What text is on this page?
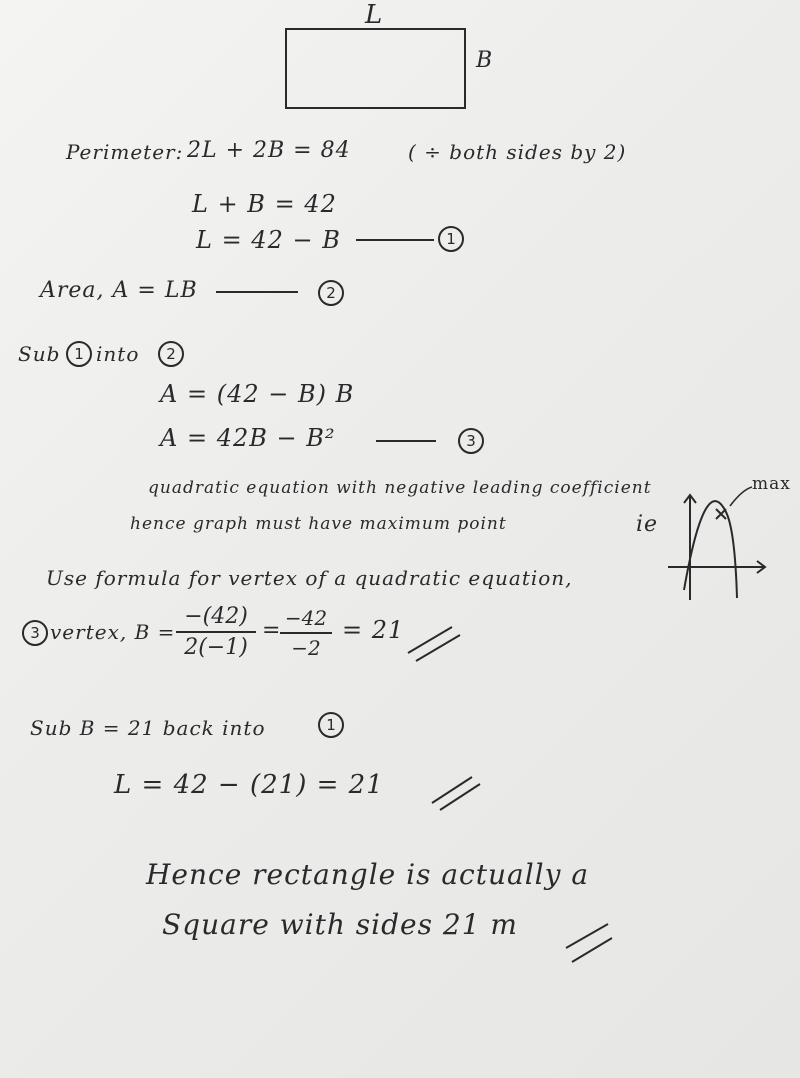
L
B
Perimeter: 2L + 2B = 84	( ÷ both sides by 2)
L + B = 42
L = 42 − B	1
Area, A = LB	2
Sub 1 into	2
A = (42 − B) B
A = 42B − B²	3
quadratic equation with negative leading coefficient
hence graph must have maximum point	ie
max
Use formula for vertex of a quadratic equation,
3 vertex, B =
−(42)
2(−1)
= −42
−2
= 21
Sub B = 21 back into	1
L = 42 − (21) = 21
Hence rectangle is actually a
Square with sides 21 m
